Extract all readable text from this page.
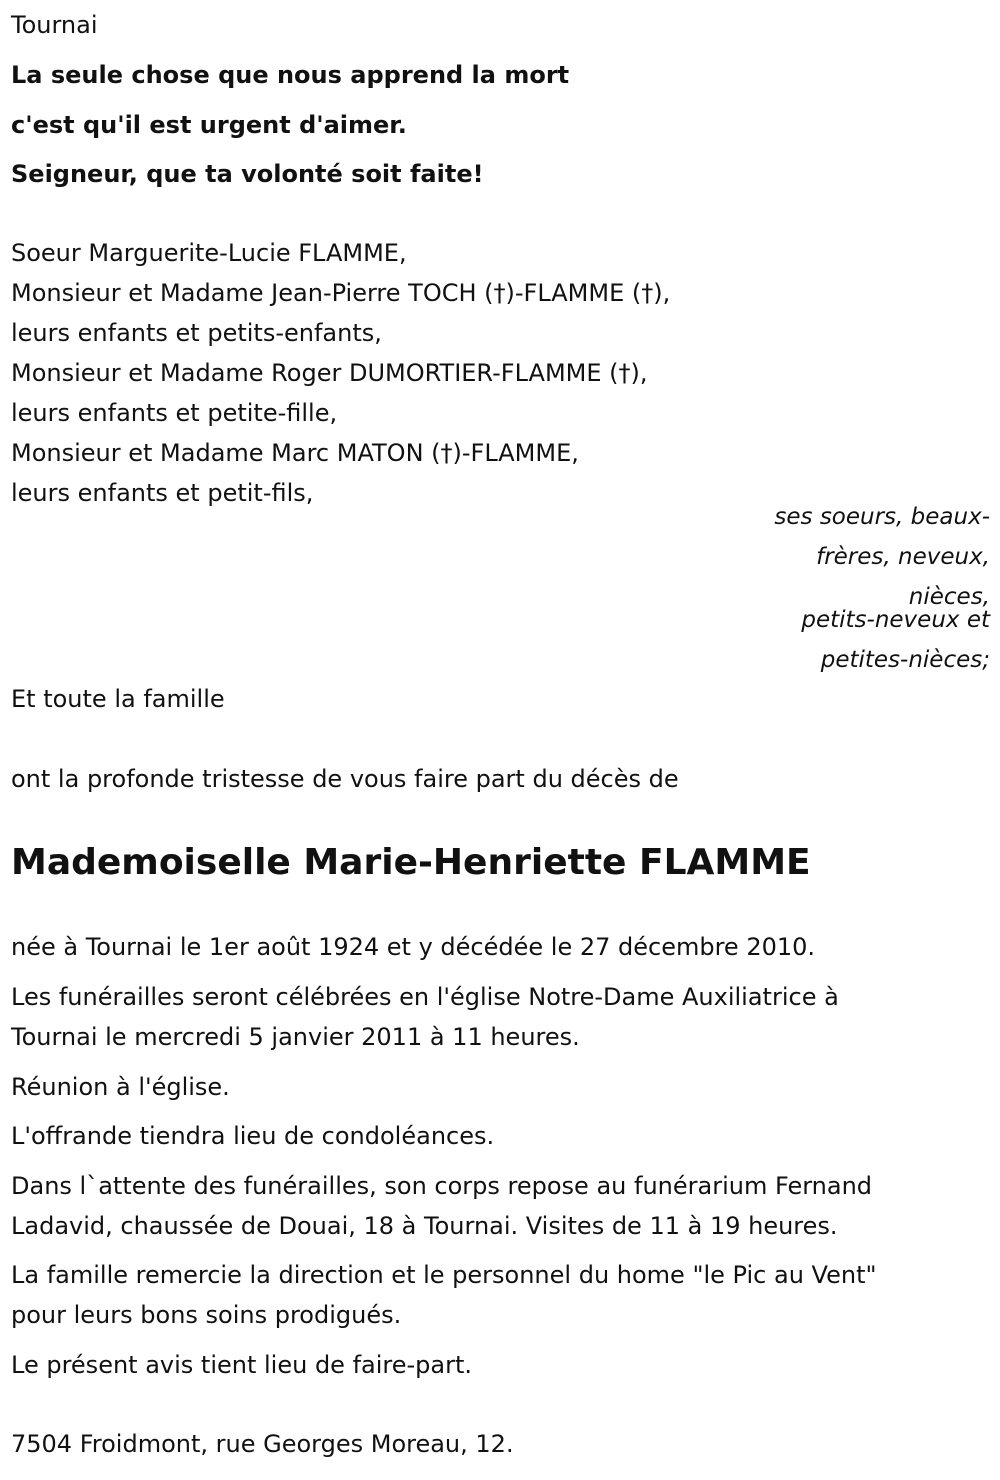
Tournai
La seule chose que nous apprend la mort
c'est qu'il est urgent d'aimer.
Seigneur, que ta volonté soit faite!
Soeur Marguerite-Lucie FLAMME,
Monsieur et Madame Jean-Pierre TOCH (†)-FLAMME (†),
leurs enfants et petits-enfants,
Monsieur et Madame Roger DUMORTIER-FLAMME (†),
leurs enfants et petite-fille,
Monsieur et Madame Marc MATON (†)-FLAMME,
leurs enfants et petit-fils,
ses soeurs, beaux-
frères, neveux,
nièces,
petits-neveux et
petites-nièces;
Et toute la famille
ont la profonde tristesse de vous faire part du décès de
Mademoiselle Marie-Henriette FLAMME
née à Tournai le 1er août 1924 et y décédée le 27 décembre 2010.
Les funérailles seront célébrées en l'église Notre-Dame Auxiliatrice à
Tournai le mercredi 5 janvier 2011 à 11 heures.
Réunion à l'église.
L'offrande tiendra lieu de condoléances.
Dans l`attente des funérailles, son corps repose au funérarium Fernand
Ladavid, chaussée de Douai, 18 à Tournai. Visites de 11 à 19 heures.
La famille remercie la direction et le personnel du home "le Pic au Vent"
pour leurs bons soins prodigués.
Le présent avis tient lieu de faire-part.
7504 Froidmont, rue Georges Moreau, 12.
